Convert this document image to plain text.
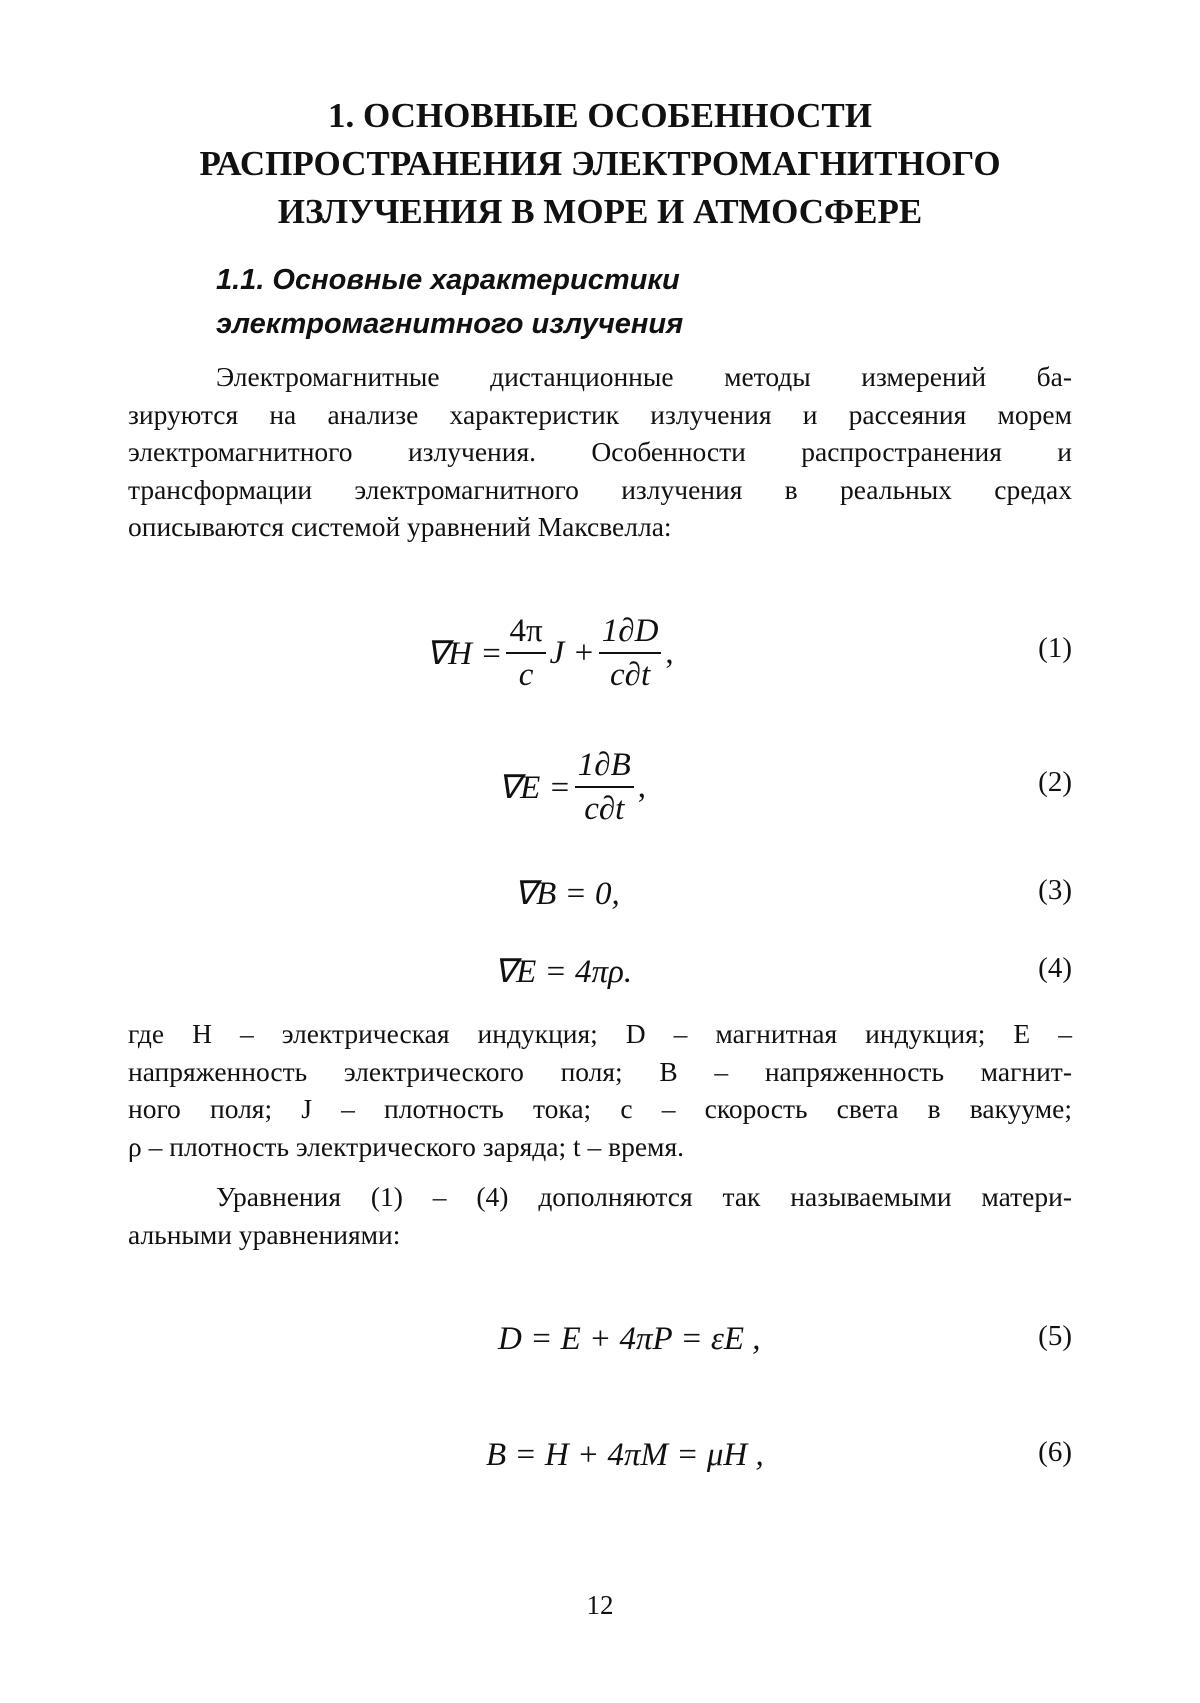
1. ОСНОВНЫЕ ОСОБЕННОСТИ
РАСПРОСТРАНЕНИЯ ЭЛЕКТРОМАГНИТНОГО
ИЗЛУЧЕНИЯ В МОРЕ И АТМОСФЕРЕ
1.1. Основные характеристики
электромагнитного излучения
Электромагнитные дистанционные методы измерений ба-
зируются на анализе характеристик излучения и рассеяния морем
электромагнитного излучения. Особенности распространения и
трансформации электромагнитного излучения в реальных средах
описываются системой уравнений Максвелла:
$\nabla H = \frac{4\pi}{c}$ $J + \frac{1\partial D}{c\partial t}$ ,	(1)
$\nabla E = \frac{1\partial B}{c\partial t}$ ,	(2)
∇B = 0,	(3)
∇E = 4πρ.	(4)
где H – электрическая индукция; D – магнитная индукция; E –
напряженность электрического поля; B – напряженность магнит-
ного поля; J – плотность тока; c – скорость света в вакууме;
ρ – плотность электрического заряда; t – время.
Уравнения (1) – (4) дополняются так называемыми матери-
альными уравнениями:
D = E + 4πP = εE ,	(5)
B = H + 4πM = μH ,	(6)
12
